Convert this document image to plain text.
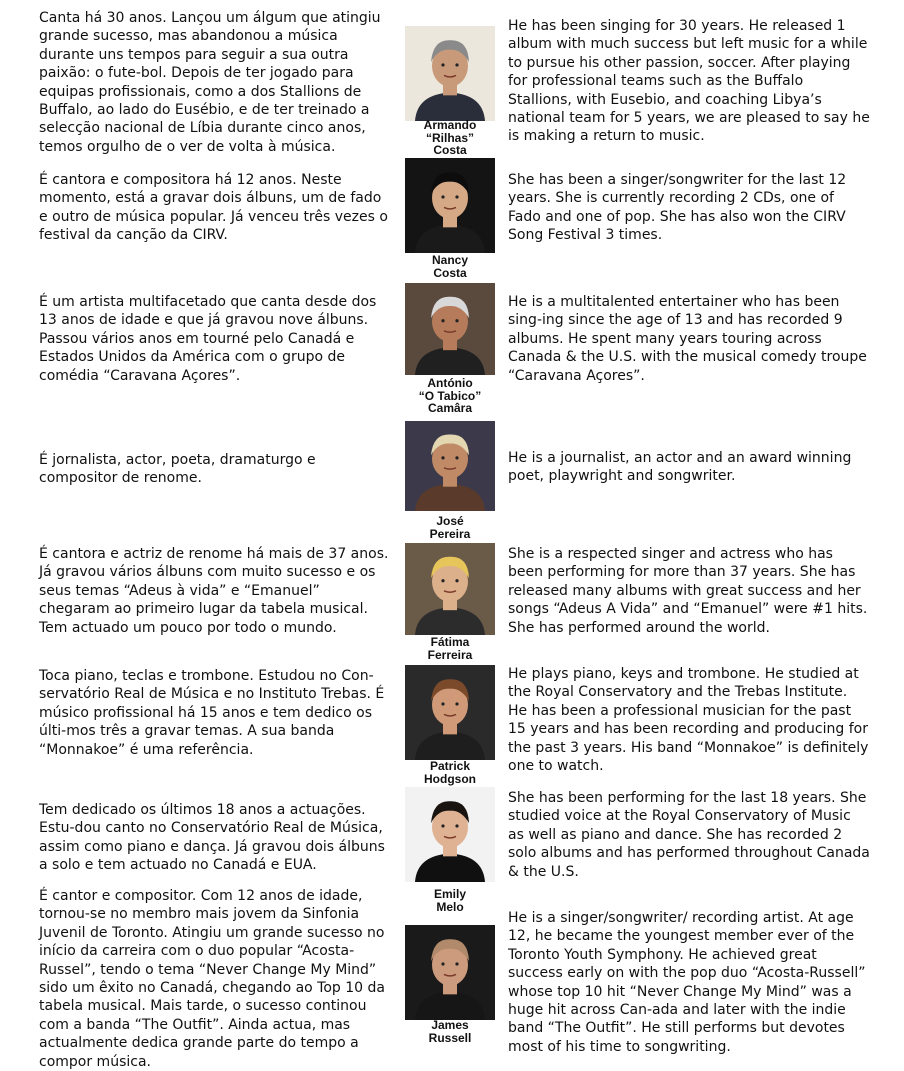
Canta há 30 anos. Lançou um álgum que atingiu grande sucesso, mas abandonou a música durante uns tempos para seguir a sua outra paixão: o fute-bol. Depois de ter jogado para equipas profissionais, como a dos Stallions de Buffalo, ao lado do Eusébio, e de ter treinado a selecção nacional de Líbia durante cinco anos, temos orgulho de o ver de volta à música.
Armando
“Rilhas”
Costa
He has been singing for 30 years. He released 1 album with much success but left music for a while to pursue his other passion, soccer. After playing for professional teams such as the Buffalo Stallions, with Eusebio, and coaching Libya’s national team for 5 years, we are pleased to say he is making a return to music.
É cantora e compositora há 12 anos. Neste momento, está a gravar dois álbuns, um de fado e outro de música popular. Já venceu três vezes o festival da canção da CIRV.
Nancy
Costa
She has been a singer/songwriter for the last 12 years. She is currently recording 2 CDs, one of Fado and one of pop. She has also won the CIRV Song Festival 3 times.
É um artista multifacetado que canta desde dos 13 anos de idade e que já gravou nove álbuns. Passou vários anos em tourné pelo Canadá e Estados Unidos da América com o grupo de comédia “Caravana Açores”.	António
“O Tabico”
Camâra
He is a multitalented entertainer who has been sing-ing since the age of 13 and has recorded 9 albums. He spent many years touring across Canada & the U.S. with the musical comedy troupe “Caravana Açores”.
É jornalista, actor, poeta, dramaturgo e compositor de renome.
José
Pereira
He is a journalist, an actor and an award winning poet, playwright and songwriter.
É cantora e actriz de renome há mais de 37 anos. Já gravou vários álbuns com muito sucesso e os seus temas “Adeus à vida” e “Emanuel” chegaram ao primeiro lugar da tabela musical. Tem actuado um pouco por todo o mundo.
Fátima
Ferreira
She is a respected singer and actress who has been performing for more than 37 years. She has released many albums with great success and her songs “Adeus A Vida” and “Emanuel” were #1 hits. She has performed around the world.
Toca piano, teclas e trombone. Estudou no Con-servatório Real de Música e no Instituto Trebas. É músico profissional há 15 anos e tem dedico os últi-mos três a gravar temas. A sua banda “Monnakoe” é uma referência.
Patrick
Hodgson
He plays piano, keys and trombone. He studied at the Royal Conservatory and the Trebas Institute. He has been a professional musician for the past 15 years and has been recording and producing for the past 3 years. His band “Monnakoe” is definitely one to watch.
Tem dedicado os últimos 18 anos a actuações. Estu-dou canto no Conservatório Real de Música, assim como piano e dança. Já gravou dois álbuns a solo e tem actuado no Canadá e EUA.
Emily
Melo
She has been performing for the last 18 years. She studied voice at the Royal Conservatory of Music as well as piano and dance. She has recorded 2 solo albums and has performed throughout Canada & the U.S.
É cantor e compositor. Com 12 anos de idade, tornou-se no membro mais jovem da Sinfonia Juvenil de Toronto. Atingiu um grande sucesso no início da carreira com o duo popular “Acosta-Russel”, tendo o tema “Never Change My Mind” sido um êxito no Canadá, chegando ao Top 10 da tabela musical. Mais tarde, o sucesso continou com a banda “The Outfit”. Ainda actua, mas actualmente dedica grande parte do tempo a compor música.
James
Russell
He is a singer/songwriter/ recording artist. At age 12, he became the youngest member ever of the Toronto Youth Symphony. He achieved great success early on with the pop duo “Acosta-Russell” whose top 10 hit “Never Change My Mind” was a huge hit across Can-ada and later with the indie band “The Outfit”. He still performs but devotes most of his time to songwriting.
